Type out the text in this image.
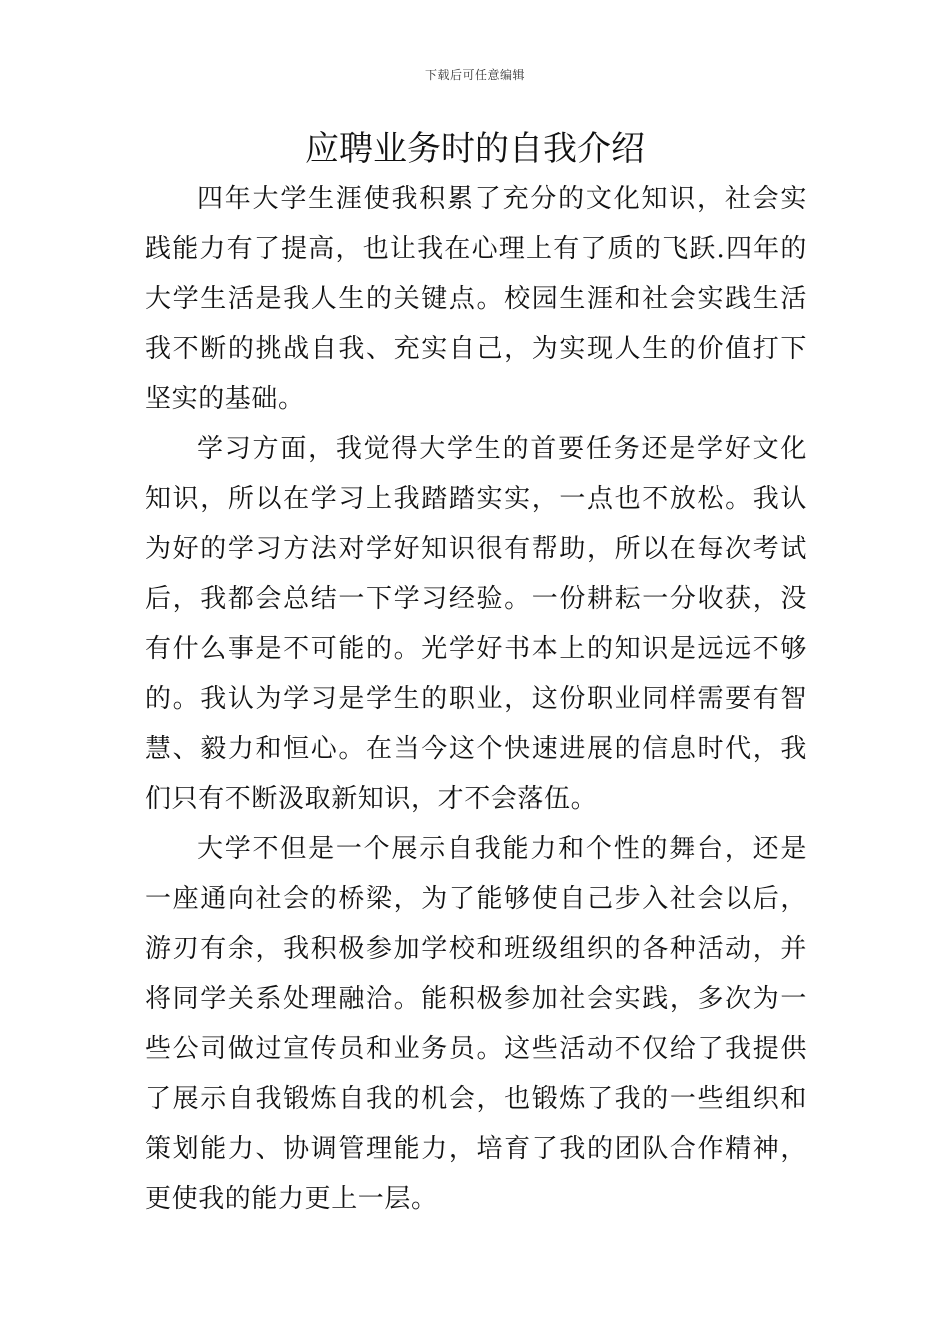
下载后可任意编辑
应聘业务时的自我介绍

四年大学生涯使我积累了充分的文化知识，社会实践能力有了提高，也让我在心理上有了质的飞跃.四年的大学生活是我人生的关键点。校园生涯和社会实践生活我不断的挑战自我、充实自己，为实现人生的价值打下坚实的基础。

学习方面，我觉得大学生的首要任务还是学好文化知识，所以在学习上我踏踏实实，一点也不放松。我认为好的学习方法对学好知识很有帮助，所以在每次考试后，我都会总结一下学习经验。一份耕耘一分收获，没有什么事是不可能的。光学好书本上的知识是远远不够的。我认为学习是学生的职业，这份职业同样需要有智慧、毅力和恒心。在当今这个快速进展的信息时代，我们只有不断汲取新知识，才不会落伍。

大学不但是一个展示自我能力和个性的舞台，还是一座通向社会的桥梁，为了能够使自己步入社会以后，游刃有余，我积极参加学校和班级组织的各种活动，并将同学关系处理融洽。能积极参加社会实践，多次为一些公司做过宣传员和业务员。这些活动不仅给了我提供了展示自我锻炼自我的机会，也锻炼了我的一些组织和策划能力、协调管理能力，培育了我的团队合作精神，更使我的能力更上一层。
